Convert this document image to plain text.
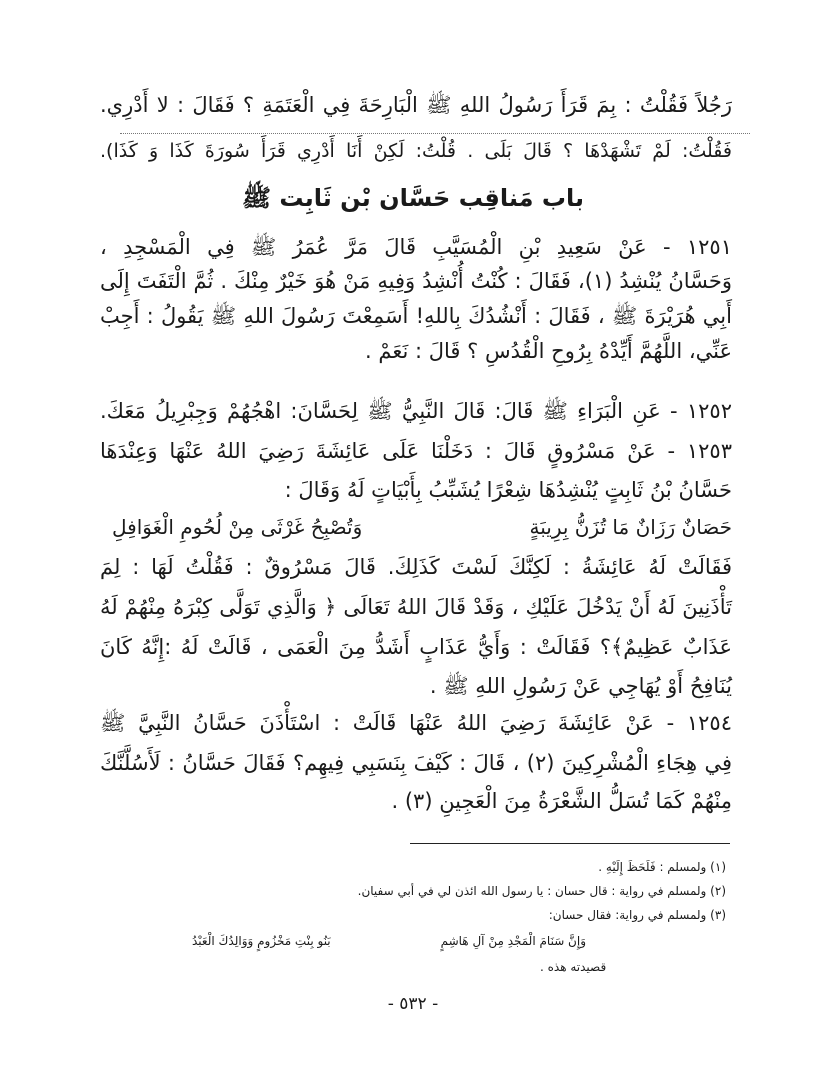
رَجُلاً فَقُلْتُ : بِمَ قَرَأَ رَسُولُ اللهِ ﷺ الْبَارِحَةَ فِي الْعَتَمَةِ ؟ فَقَالَ : لا أَدْرِي.
فَقُلْتُ: لَمْ تَشْهَدْهَا ؟ قَالَ بَلَى . قُلْتُ: لَكِنْ أَنَا أَدْرِي قَرَأَ سُورَةَ كَذَا وَ كَذَا).
باب مَناقِب حَسَّان بْن ثَابِت ﷺ
١٢٥١ - عَنْ سَعِيدِ بْنِ الْمُسَيَّبِ قَالَ مَرَّ عُمَرُ ﷺ فِي الْمَسْجِدِ ،
وَحَسَّانُ يُنْشِدُ (١)، فَقَالَ : كُنْتُ أُنْشِدُ وَفِيهِ مَنْ هُوَ خَيْرٌ مِنْكَ . ثُمَّ الْتَفَتَ إِلَى
أَبِي هُرَيْرَةَ ﷺ ، فَقَالَ : أَنْشُدُكَ بِاللهِ! أَسَمِعْتَ رَسُولَ اللهِ ﷺ يَقُولُ : أَجِبْ
عَنِّي، اللَّهُمَّ أَيِّدْهُ بِرُوحِ الْقُدُسِ ؟ قَالَ : نَعَمْ .
١٢٥٢ - عَنِ الْبَرَاءِ ﷺ قَالَ: قَالَ النَّبِيُّ ﷺ لِحَسَّانَ: اهْجُهُمْ وَجِبْرِيلُ مَعَكَ.
١٢٥٣ - عَنْ مَسْرُوقٍ قَالَ : دَخَلْنَا عَلَى عَائِشَةَ رَضِيَ اللهُ عَنْهَا وَعِنْدَهَا
حَسَّانُ بْنُ ثَابِتٍ يُنْشِدُهَا شِعْرًا يُشَبِّبُ بِأَبْيَاتٍ لَهُ وَقَالَ :
حَصَانٌ رَزَانٌ مَا تُزَنُّ بِرِيبَةٍ
وَتُصْبِحُ غَرْثَى مِنْ لُحُومِ الْغَوَافِلِ
فَقَالَتْ لَهُ عَائِشَةُ : لَكِنَّكَ لَسْتَ كَذَلِكَ. قَالَ مَسْرُوقٌ : فَقُلْتُ لَهَا : لِمَ
تَأْذَنِينَ لَهُ أَنْ يَدْخُلَ عَلَيْكِ ، وَقَدْ قَالَ اللهُ تَعَالَى ﴿ وَالَّذِي تَوَلَّى كِبْرَهُ مِنْهُمْ لَهُ
عَذَابٌ عَظِيمٌ﴾؟ فَقَالَتْ : وَأَيُّ عَذَابٍ أَشَدُّ مِنَ الْعَمَى ، قَالَتْ لَهُ :إِنَّهُ كَانَ
يُنَافِحُ أَوْ يُهَاجِي عَنْ رَسُولِ اللهِ ﷺ .
١٢٥٤ - عَنْ عَائِشَةَ رَضِيَ اللهُ عَنْهَا قَالَتْ : اسْتَأْذَنَ حَسَّانُ النَّبِيَّ ﷺ
فِي هِجَاءِ الْمُشْرِكِينَ (٢) ، قَالَ : كَيْفَ بِنَسَبِي فِيهِم؟ فَقَالَ حَسَّانُ : لَأَسُلَّنَّكَ
مِنْهُمْ كَمَا تُسَلُّ الشَّعْرَةُ مِنَ الْعَجِينِ (٣) .
(١) ولمسلم : فَلَحَظَ إِلَيْهِ .
(٢) ولمسلم في رواية : قال حسان : يا رسول الله ائذن لي في أبي سفيان.
(٣) ولمسلم في رواية: فقال حسان:
وَإِنَّ سَنَامَ الْمَجْدِ مِنْ آلِ هَاشِمٍ
بَنُو بِنْتِ مَخْزُومٍ وَوَالِدُكَ الْعَبْدُ
قصيدته هذه .
- ٥٣٢ -
